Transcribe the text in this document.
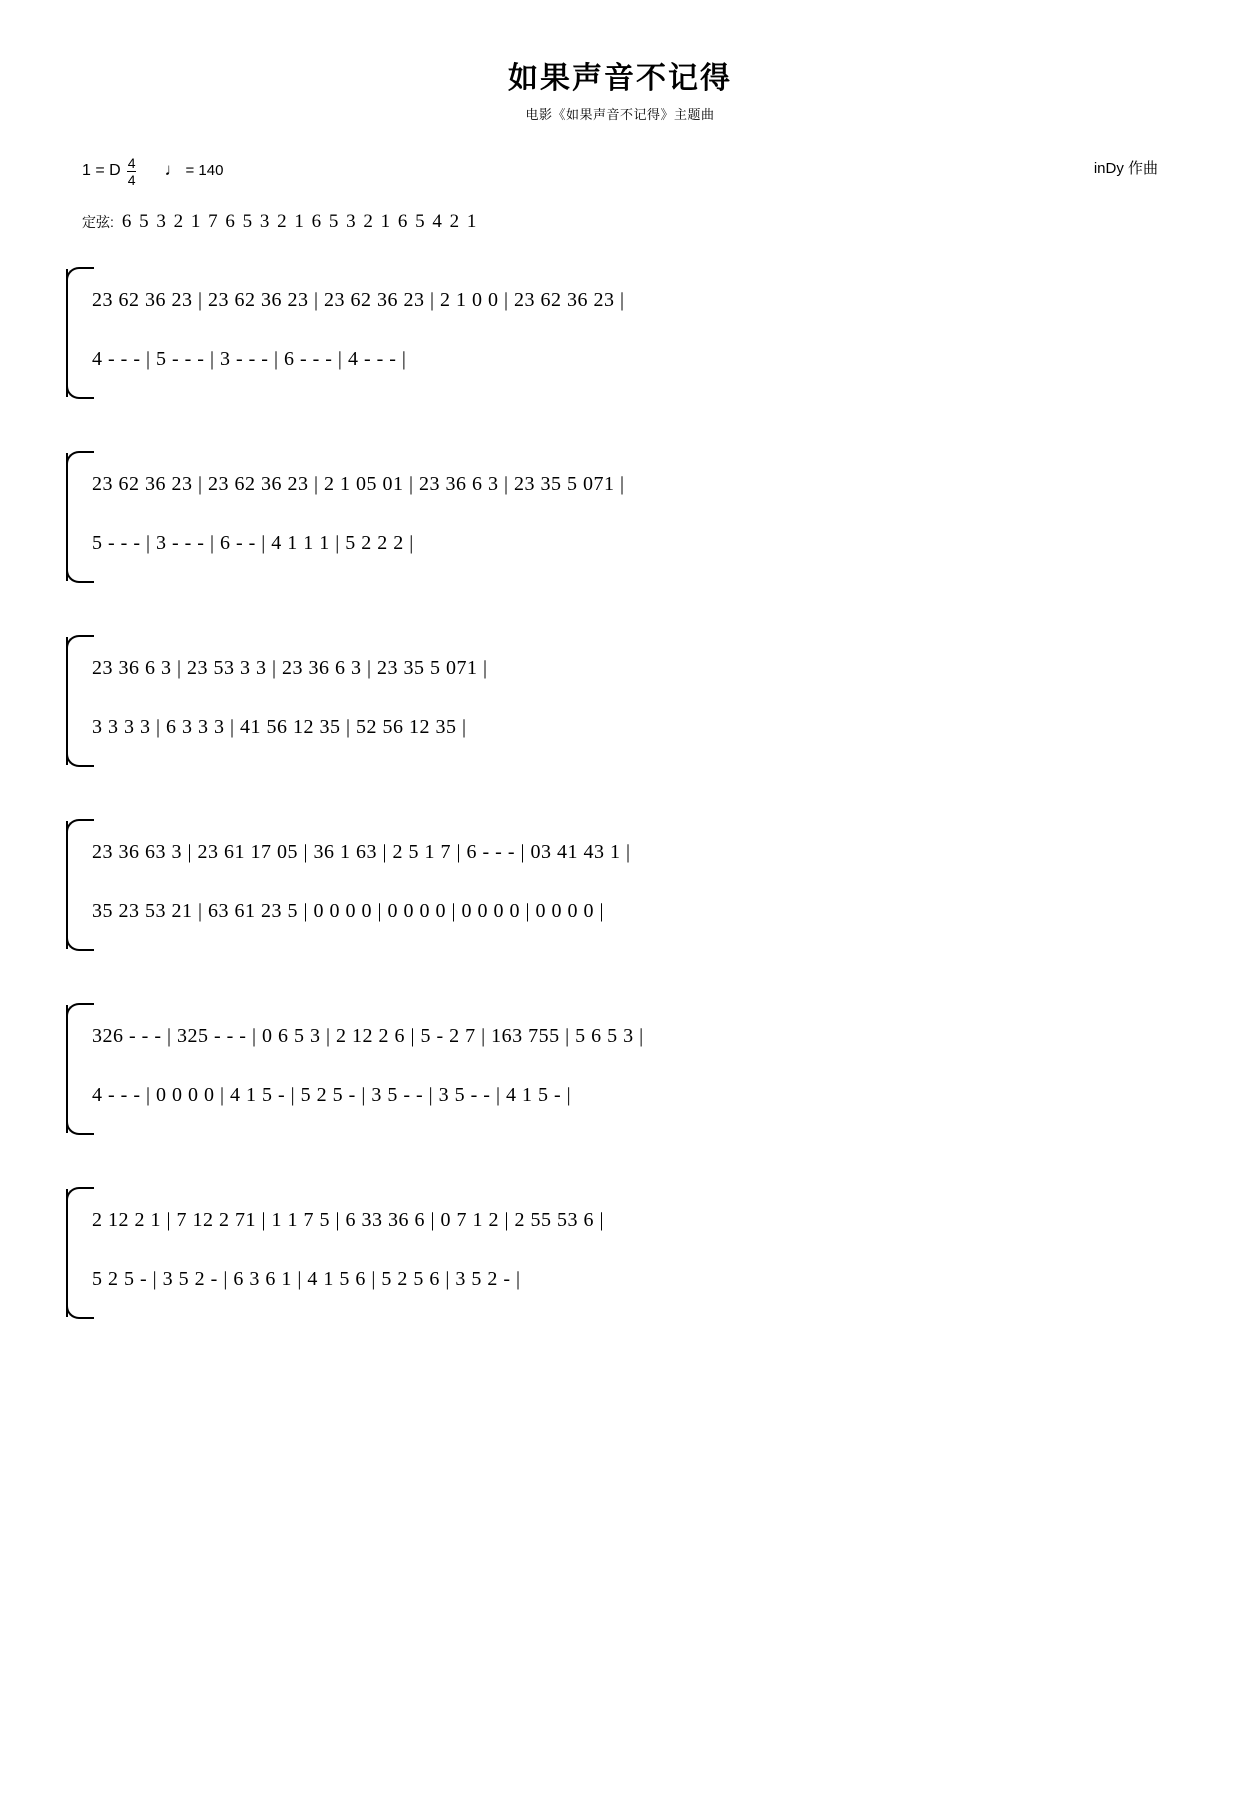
如果声音不记得
电影《如果声音不记得》主题曲
1 = D $\frac{4}{4}$ ♩ = 140	inDy 作曲
定弦: 6 5 3 2 1 7 6 5 3 2 1 6 5 3 2 1 6 5 4 2 1
23 62 36 23 | 23 62 36 23 | 23 62 36 23 | 2 1 0 0 | 23 62 36 23 |
4 - - - | 5 - - - | 3 - - - | 6 - - - | 4 - - - |
23 62 36 23 | 23 62 36 23 | 2 1 05 01 | 23 36 6 3 | 23 35 5 071 |
5 - - - | 3 - - - | 6 - - | 4 1 1 1 | 5 2 2 2 |
23 36 6 3 | 23 53 3 3 | 23 36 6 3 | 23 35 5 071 |
3 3 3 3 | 6 3 3 3 | 41 56 12 35 | 52 56 12 35 |
23 36 63 3 | 23 61 17 05 | 36 1 63 | 2 5 1 7 | 6 - - - | 03 41 43 1 |
35 23 53 21 | 63 61 23 5 | 0 0 0 0 | 0 0 0 0 | 0 0 0 0 | 0 0 0 0 |
326 - - - | 325 - - - | 0 6 5 3 | 2 12 2 6 | 5 - 2 7 | 163 755 | 5 6 5 3 |
4 - - - | 0 0 0 0 | 4 1 5 - | 5 2 5 - | 3 5 - - | 3 5 - - | 4 1 5 - |
2 12 2 1 | 7 12 2 71 | 1 1 7 5 | 6 33 36 6 | 0 7 1 2 | 2 55 53 6 |
5 2 5 - | 3 5 2 - | 6 3 6 1 | 4 1 5 6 | 5 2 5 6 | 3 5 2 - |
